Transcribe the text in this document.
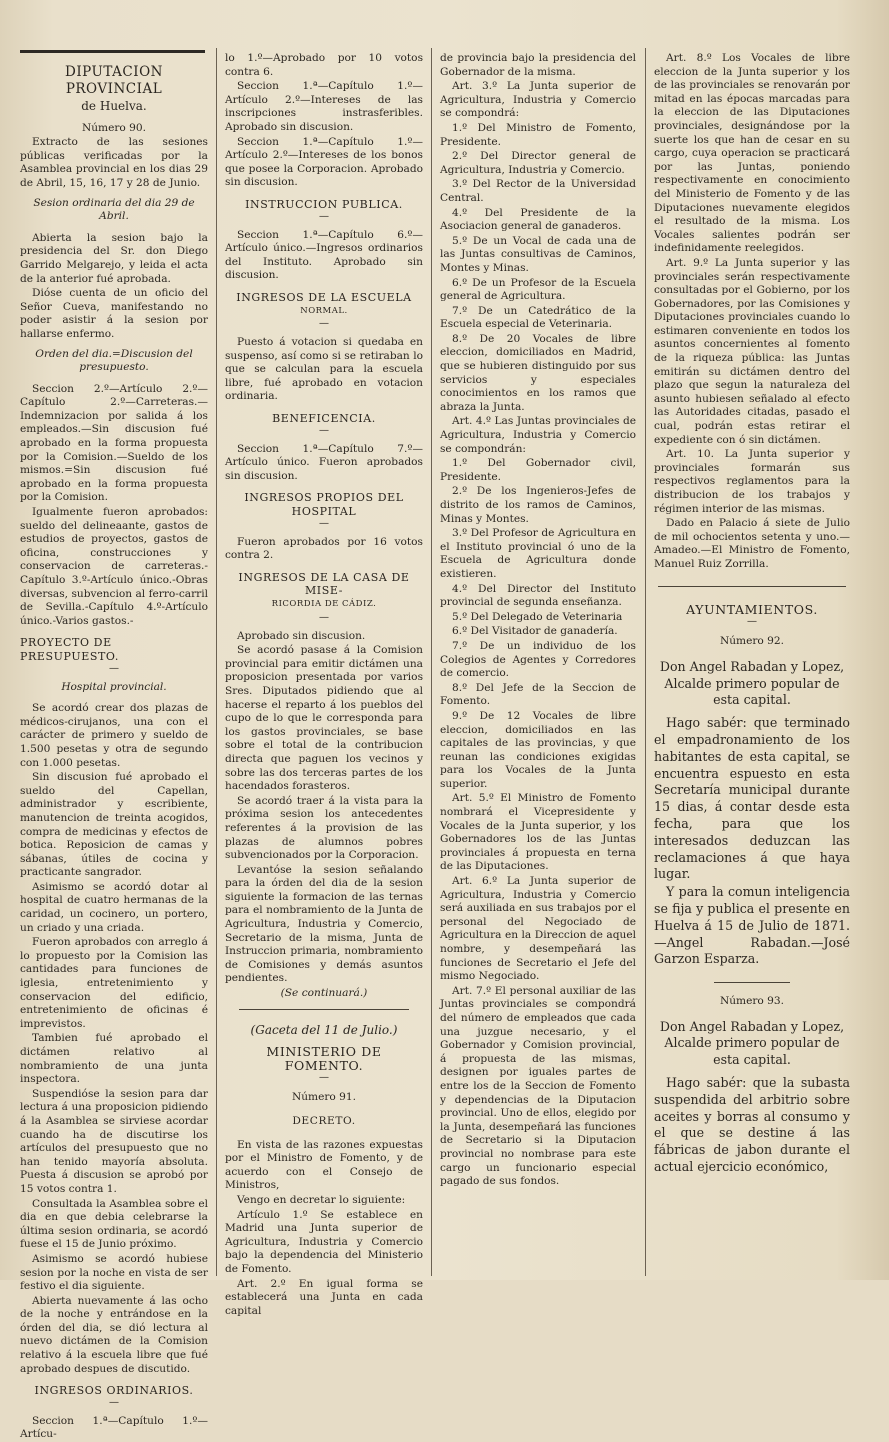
DIPUTACION PROVINCIAL
de Huelva.

Número 90.

Extracto de las sesiones públicas verificadas por la Asamblea provincial en los dias 29 de Abril, 15, 16, 17 y 28 de Junio.

Sesion ordinaria del dia 29 de Abril.

Abierta la sesion bajo la presidencia del Sr. don Diego Garrido Melgarejo, y leida el acta de la anterior fué aprobada.

Dióse cuenta de un oficio del Señor Cueva, manifestando no poder asistir á la sesion por hallarse enfermo.

Orden del dia.=Discusion del presupuesto.

Seccion 2.º—Artículo 2.º—Capítulo 2.º—Carreteras.—Indemnizacion por salida á los empleados.—Sin discusion fué aprobado en la forma propuesta por la Comision.—Sueldo de los mismos.=Sin discusion fué aprobado en la forma propuesta por la Comision.

Igualmente fueron aprobados: sueldo del delineaante, gastos de estudios de proyectos, gastos de oficina, construcciones y conservacion de carreteras.-Capítulo 3.º-Artículo único.-Obras diversas, subvencion al ferro-carril de Sevilla.-Capítulo 4.º-Artículo único.-Varios gastos.-

PROYECTO DE PRESUPUESTO.

—

Hospital provincial.

Se acordó crear dos plazas de médicos-cirujanos, una con el carácter de primero y sueldo de 1.500 pesetas y otra de segundo con 1.000 pesetas.

Sin discusion fué aprobado el sueldo del Capellan, administrador y escribiente, manutencion de treinta acogidos, compra de medicinas y efectos de botica. Reposicion de camas y sábanas, útiles de cocina y practicante sangrador.

Asimismo se acordó dotar al hospital de cuatro hermanas de la caridad, un cocinero, un portero, un criado y una criada.

Fueron aprobados con arreglo á lo propuesto por la Comision las cantidades para funciones de iglesia, entretenimiento y conservacion del edificio, entretenimiento de oficinas é imprevistos.

Tambien fué aprobado el dictámen relativo al nombramiento de una junta inspectora.

Suspendióse la sesion para dar lectura á una proposicion pidiendo á la Asamblea se sirviese acordar cuando ha de discutirse los artículos del presupuesto que no han tenido mayoría absoluta. Puesta á discusion se aprobó por 15 votos contra 1.

Consultada la Asamblea sobre el dia en que debia celebrarse la última sesion ordinaria, se acordó fuese el 15 de Junio próximo.

Asimismo se acordó hubiese sesion por la noche en vista de ser festivo el dia siguiente.

Abierta nuevamente á las ocho de la noche y entrándose en la órden del dia, se dió lectura al nuevo dictámen de la Comision relativo á la escuela libre que fué aprobado despues de discutido.

INGRESOS ORDINARIOS.

—

Seccion 1.ª—Capítulo 1.º—Artícu-

lo 1.º—Aprobado por 10 votos contra 6.

Seccion 1.ª—Capítulo 1.º—Artículo 2.º—Intereses de las inscripciones instrasferibles. Aprobado sin discusion.

Seccion 1.ª—Capítulo 1.º—Artículo 2.º—Intereses de los bonos que posee la Corporacion. Aprobado sin discusion.

INSTRUCCION PUBLICA.

—

Seccion 1.ª—Capítulo 6.º—Artículo único.—Ingresos ordinarios del Instituto. Aprobado sin discusion.

INGRESOS DE LA ESCUELA

NORMAL.

—

Puesto á votacion si quedaba en suspenso, así como si se retiraban lo que se calculan para la escuela libre, fué aprobado en votacion ordinaria.

BENEFICENCIA.

—

Seccion 1.ª—Capítulo 7.º—Artículo único. Fueron aprobados sin discusion.

INGRESOS PROPIOS DEL HOSPITAL

—

Fueron aprobados por 16 votos contra 2.

INGRESOS DE LA CASA DE MISE-

RICORDIA DE CÁDIZ.

—

Aprobado sin discusion.

Se acordó pasase á la Comision provincial para emitir dictámen una proposicion presentada por varios Sres. Diputados pidiendo que al hacerse el reparto á los pueblos del cupo de lo que le corresponda para los gastos provinciales, se base sobre el total de la contribucion directa que paguen los vecinos y sobre las dos terceras partes de los hacendados forasteros.

Se acordó traer á la vista para la próxima sesion los antecedentes referentes á la provision de las plazas de alumnos pobres subvencionados por la Corporacion.

Levantóse la sesion señalando para la órden del dia de la sesion siguiente la formacion de las ternas para el nombramiento de la Junta de Agricultura, Industria y Comercio, Secretario de la misma, Junta de Instruccion primaria, nombramiento de Comisiones y demás asuntos pendientes.

(Se continuará.)

(Gaceta del 11 de Julio.)

MINISTERIO DE FOMENTO.

—

Número 91.

DECRETO.

En vista de las razones expuestas por el Ministro de Fomento, y de acuerdo con el Consejo de Ministros,

Vengo en decretar lo siguiente:

Artículo 1.º Se establece en Madrid una Junta superior de Agricultura, Industria y Comercio bajo la dependencia del Ministerio de Fomento.

Art. 2.º En igual forma se establecerá una Junta en cada capital

de provincia bajo la presidencia del Gobernador de la misma.

Art. 3.º La Junta superior de Agricultura, Industria y Comercio se compondrá:

1.º Del Ministro de Fomento, Presidente.

2.º Del Director general de Agricultura, Industria y Comercio.

3.º Del Rector de la Universidad Central.

4.º Del Presidente de la Asociacion general de ganaderos.

5.º De un Vocal de cada una de las Juntas consultivas de Caminos, Montes y Minas.

6.º De un Profesor de la Escuela general de Agricultura.

7.º De un Catedrático de la Escuela especial de Veterinaria.

8.º De 20 Vocales de libre eleccion, domiciliados en Madrid, que se hubieren distinguido por sus servicios y especiales conocimientos en los ramos que abraza la Junta.

Art. 4.º Las Juntas provinciales de Agricultura, Industria y Comercio se compondrán:

1.º Del Gobernador civil, Presidente.

2.º De los Ingenieros-Jefes de distrito de los ramos de Caminos, Minas y Montes.

3.º Del Profesor de Agricultura en el Instituto provincial ó uno de la Escuela de Agricultura donde existieren.

4.º Del Director del Instituto provincial de segunda enseñanza.

5.º Del Delegado de Veterinaria

6.º Del Visitador de ganadería.

7.º De un individuo de los Colegios de Agentes y Corredores de comercio.

8.º Del Jefe de la Seccion de Fomento.

9.º De 12 Vocales de libre eleccion, domiciliados en las capitales de las provincias, y que reunan las condiciones exigidas para los Vocales de la Junta superior.

Art. 5.º El Ministro de Fomento nombrará el Vicepresidente y Vocales de la Junta superior, y los Gobernadores los de las Juntas provinciales á propuesta en terna de las Diputaciones.

Art. 6.º La Junta superior de Agricultura, Industria y Comercio será auxiliada en sus trabajos por el personal del Negociado de Agricultura en la Direccion de aquel nombre, y desempeñará las funciones de Secretario el Jefe del mismo Negociado.

Art. 7.º El personal auxiliar de las Juntas provinciales se compondrá del número de empleados que cada una juzgue necesario, y el Gobernador y Comision provincial, á propuesta de las mismas, designen por iguales partes de entre los de la Seccion de Fomento y dependencias de la Diputacion provincial. Uno de ellos, elegido por la Junta, desempeñará las funciones de Secretario si la Diputacion provincial no nombrase para este cargo un funcionario especial pagado de sus fondos.

Art. 8.º Los Vocales de libre eleccion de la Junta superior y los de las provinciales se renovarán por mitad en las épocas marcadas para la eleccion de las Diputaciones provinciales, designándose por la suerte los que han de cesar en su cargo, cuya operacion se practicará por las Juntas, poniendo respectivamente en conocimiento del Ministerio de Fomento y de las Diputaciones nuevamente elegidos el resultado de la misma. Los Vocales salientes podrán ser indefinidamente reelegidos.

Art. 9.º La Junta superior y las provinciales serán respectivamente consultadas por el Gobierno, por los Gobernadores, por las Comisiones y Diputaciones provinciales cuando lo estimaren conveniente en todos los asuntos concernientes al fomento de la riqueza pública: las Juntas emitirán su dictámen dentro del plazo que segun la naturaleza del asunto hubiesen señalado al efecto las Autoridades citadas, pasado el cual, podrán estas retirar el expediente con ó sin dictámen.

Art. 10. La Junta superior y provinciales formarán sus respectivos reglamentos para la distribucion de los trabajos y régimen interior de las mismas.

Dado en Palacio á siete de Julio de mil ochocientos setenta y uno.—Amadeo.—El Ministro de Fomento, Manuel Ruiz Zorrilla.

AYUNTAMIENTOS.

—

Número 92.

Don Angel Rabadan y Lopez, Alcalde primero popular de esta capital.

Hago sabér: que terminado el empadronamiento de los habitantes de esta capital, se encuentra espuesto en esta Secretaría municipal durante 15 dias, á contar desde esta fecha, para que los interesados deduzcan las reclamaciones á que haya lugar.

Y para la comun inteligencia se fija y publica el presente en Huelva á 15 de Julio de 1871.—Angel Rabadan.—José Garzon Esparza.

Número 93.

Don Angel Rabadan y Lopez, Alcalde primero popular de esta capital.

Hago sabér: que la subasta suspendida del arbitrio sobre aceites y borras al consumo y el que se destine á las fábricas de jabon durante el actual ejercicio económico,
